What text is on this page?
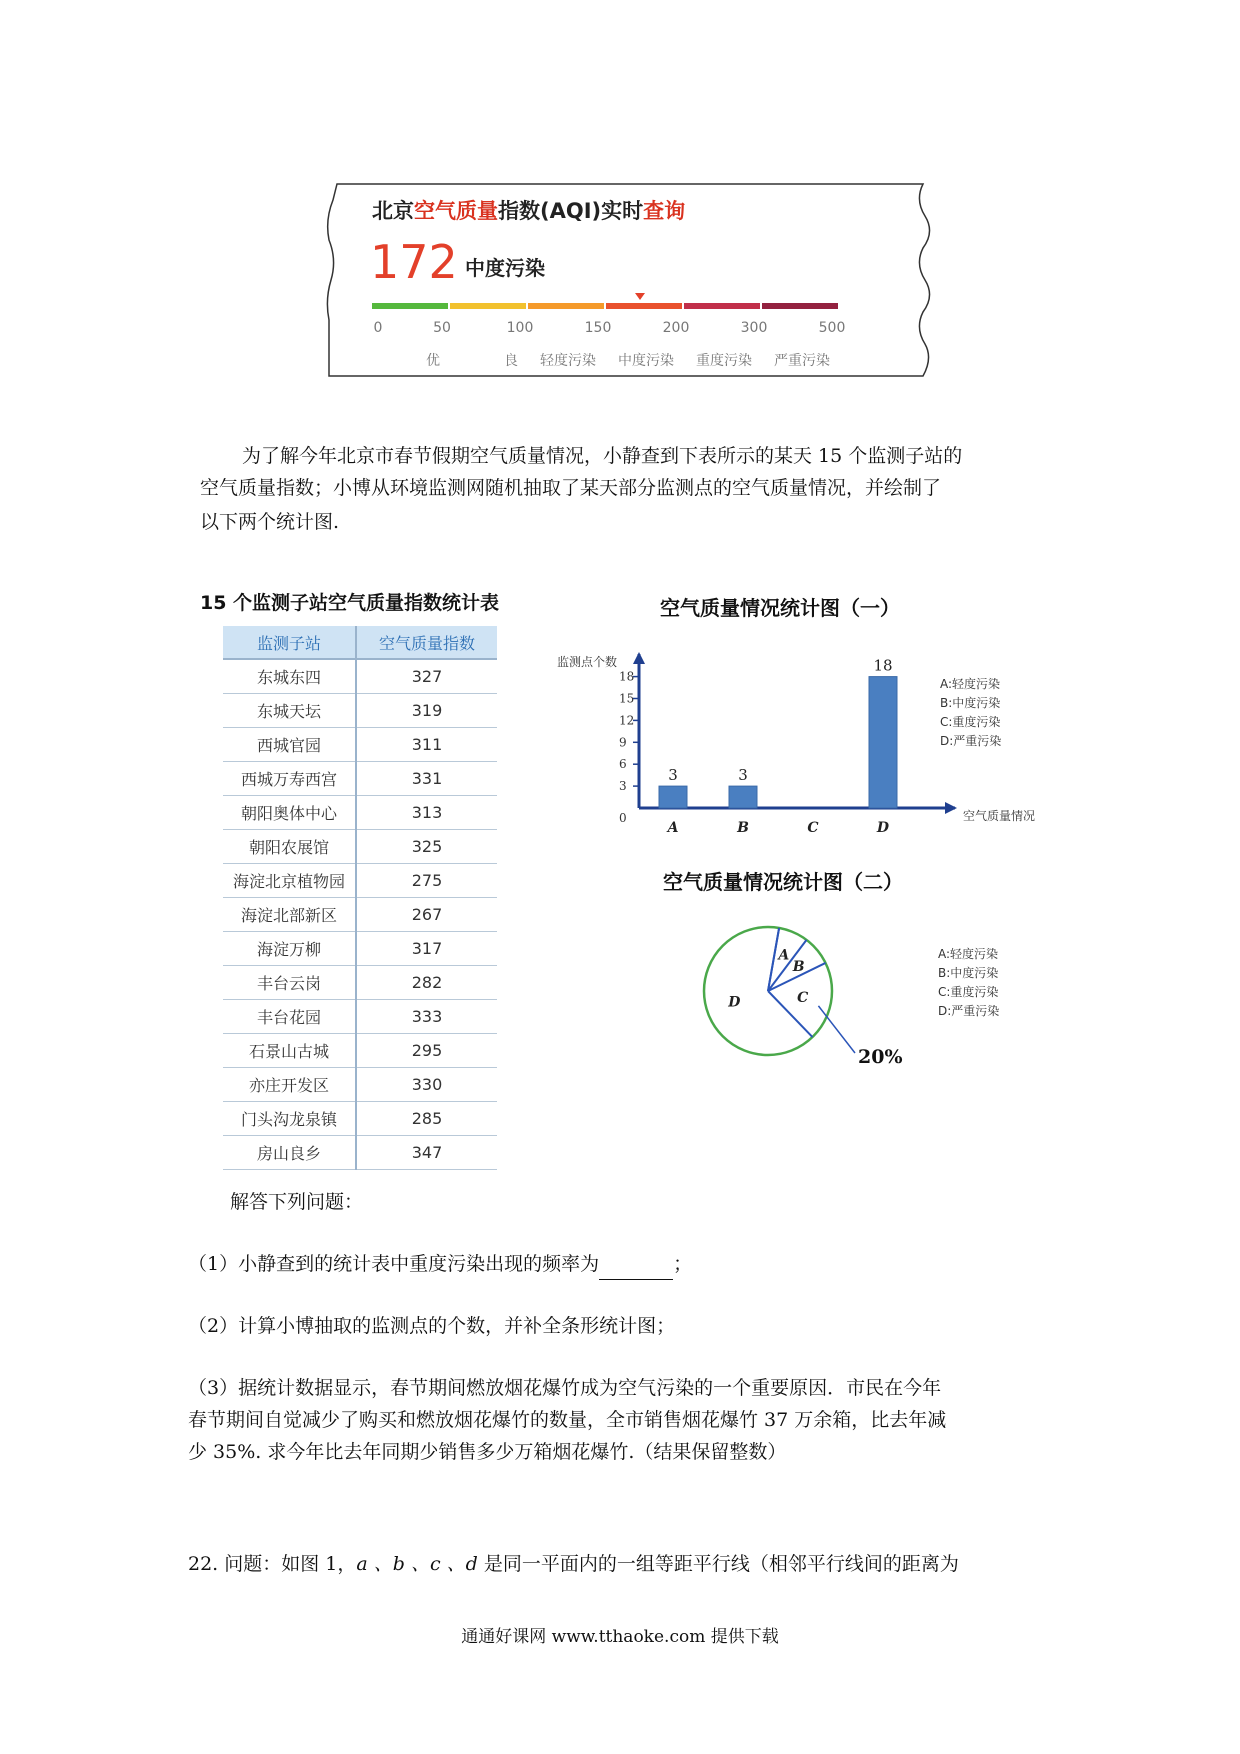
北京空气质量指数(AQI)实时查询
172 中度污染
0	50	100	150	200	300	500
优	良 轻度污染 中度污染 重度污染 严重污染
为了解今年北京市春节假期空气质量情况，小静查到下表所示的某天 15 个监测子站的
空气质量指数；小博从环境监测网随机抽取了某天部分监测点的空气质量情况，并绘制了
以下两个统计图.
15 个监测子站空气质量指数统计表
监测子站	空气质量指数
东城东四	327
东城天坛	319
西城官园	311
西城万寿西宫	331
朝阳奥体中心	313
朝阳农展馆	325
海淀北京植物园	275
海淀北部新区	267
海淀万柳	317
丰台云岗	282
丰台花园	333
石景山古城	295
亦庄开发区	330
门头沟龙泉镇	285
房山良乡	347
空气质量情况统计图（一）
监测点个数
空气质量情况
0
3
6
9
12
15
18
3
A
3
B	C
18
D
A:轻度污染
B:中度污染
C:重度污染
D:严重污染
空气质量情况统计图（二）
A
B
C
D
20%
A:轻度污染
B:中度污染
C:重度污染
D:严重污染
解答下列问题：
（1）小静查到的统计表中重度污染出现的频率为	；
（2）计算小博抽取的监测点的个数，并补全条形统计图；
（3）据统计数据显示，春节期间燃放烟花爆竹成为空气污染的一个重要原因．市民在今年
春节期间自觉减少了购买和燃放烟花爆竹的数量，全市销售烟花爆竹 37 万余箱，比去年减
少 35%. 求今年比去年同期少销售多少万箱烟花爆竹.（结果保留整数）
22. 问题：如图 1，a 、b 、c 、d 是同一平面内的一组等距平行线（相邻平行线间的距离为
通通好课网 www.tthaoke.com 提供下载
